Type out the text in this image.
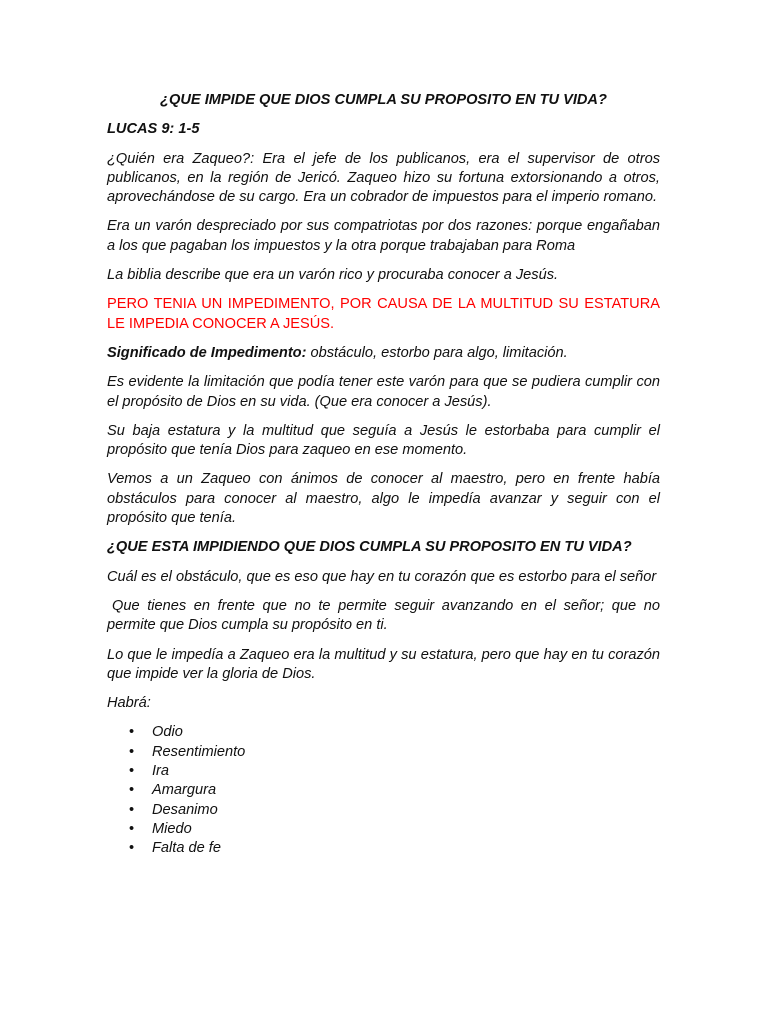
¿QUE IMPIDE QUE DIOS CUMPLA SU PROPOSITO EN TU VIDA?
LUCAS 9: 1-5

¿Quién era Zaqueo?: Era el jefe de los publicanos, era el supervisor de otros publicanos, en la región de Jericó. Zaqueo hizo su fortuna extorsionando a otros, aprovechándose de su cargo. Era un cobrador de impuestos para el imperio romano.

Era un varón despreciado por sus compatriotas por dos razones: porque engañaban a los que pagaban los impuestos y la otra porque trabajaban para Roma

La biblia describe que era un varón rico y procuraba conocer a Jesús.

PERO TENIA UN IMPEDIMENTO, POR CAUSA DE LA MULTITUD SU ESTATURA LE IMPEDIA CONOCER A JESÚS.

Significado de Impedimento: obstáculo, estorbo para algo, limitación.

Es evidente la limitación que podía tener este varón para que se pudiera cumplir con el propósito de Dios en su vida. (Que era conocer a Jesús).

Su baja estatura y la multitud que seguía a Jesús le estorbaba para cumplir el propósito que tenía Dios para zaqueo en ese momento.

Vemos a un Zaqueo con ánimos de conocer al maestro, pero en frente había obstáculos para conocer al maestro, algo le impedía avanzar y seguir con el propósito que tenía.

¿QUE ESTA IMPIDIENDO QUE DIOS CUMPLA SU PROPOSITO EN TU VIDA?

Cuál es el obstáculo, que es eso que hay en tu corazón que es estorbo para el señor

Que tienes en frente que no te permite seguir avanzando en el señor; que no permite que Dios cumpla su propósito en ti.

Lo que le impedía a Zaqueo era la multitud y su estatura, pero que hay en tu corazón que impide ver la gloria de Dios.

Habrá:

• Odio
• Resentimiento
• Ira
• Amargura
• Desanimo
• Miedo
• Falta de fe
